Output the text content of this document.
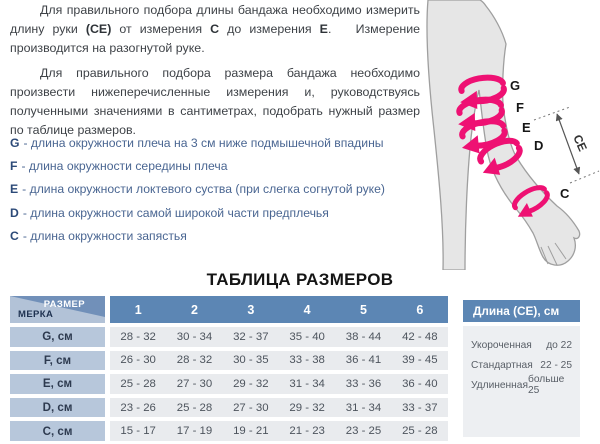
Для правильного подбора длины бандажа необходимо измерить длину руки (СЕ) от измерения С до измерения Е.   Измерение производится на разогнутой руке.

Для правильного подбора размера бандажа необходимо произвести нижеперечисленные измерения и, руководствуясь полученными значениями в сантиметрах, подобрать нужный размер по таблице размеров.

G - длина окружности плеча на 3 см ниже подмышечной впадины
F - длина окружности середины плеча
E - длина окружности локтевого суства (при слегка согнутой руке)
D - длина окружности самой широкой части предплечья
C - длина окружности запястья
G
F
E
D
C
СЕ
ТАБЛИЦА РАЗМЕРОВ
РАЗМЕР
МЕРКА	1	2	3	4	5	6
G, см	28 - 32	30 - 34	32 - 37	35 - 40	38 - 44	42 - 48
F, см	26 - 30	28 - 32	30 - 35	33 - 38	36 - 41	39 - 45
E, см	25 - 28	27 - 30	29 - 32	31 - 34	33 - 36	36 - 40
D, см	23 - 26	25 - 28	27 - 30	29 - 32	31 - 34	33 - 37
C, см	15 - 17	17 - 19	19 - 21	21 - 23	23 - 25	25 - 28
Длина (СЕ), см
Укороченная до 22
Стандартная 22 - 25
Удлиненная больше 25
